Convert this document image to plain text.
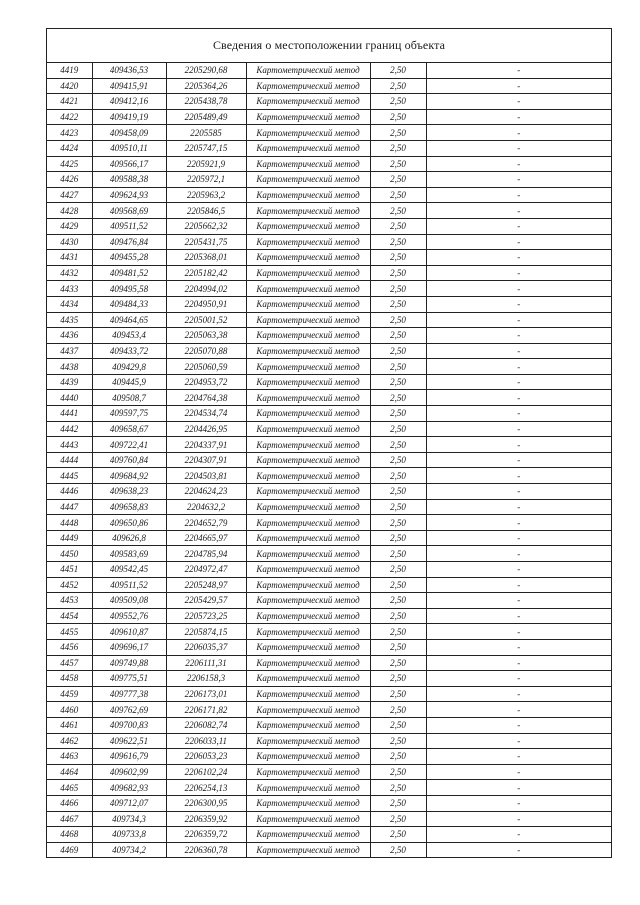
Сведения о местоположении границ объекта
4419	409436,53	2205290,68	Картометрический метод	2,50	-
4420	409415,91	2205364,26	Картометрический метод	2,50	-
4421	409412,16	2205438,78	Картометрический метод	2,50	-
4422	409419,19	2205489,49	Картометрический метод	2,50	-
4423	409458,09	2205585	Картометрический метод	2,50	-
4424	409510,11	2205747,15	Картометрический метод	2,50	-
4425	409566,17	2205921,9	Картометрический метод	2,50	-
4426	409588,38	2205972,1	Картометрический метод	2,50	-
4427	409624,93	2205963,2	Картометрический метод	2,50	-
4428	409568,69	2205846,5	Картометрический метод	2,50	-
4429	409511,52	2205662,32	Картометрический метод	2,50	-
4430	409476,84	2205431,75	Картометрический метод	2,50	-
4431	409455,28	2205368,01	Картометрический метод	2,50	-
4432	409481,52	2205182,42	Картометрический метод	2,50	-
4433	409495,58	2204994,02	Картометрический метод	2,50	-
4434	409484,33	2204950,91	Картометрический метод	2,50	-
4435	409464,65	2205001,52	Картометрический метод	2,50	-
4436	409453,4	2205063,38	Картометрический метод	2,50	-
4437	409433,72	2205070,88	Картометрический метод	2,50	-
4438	409429,8	2205060,59	Картометрический метод	2,50	-
4439	409445,9	2204953,72	Картометрический метод	2,50	-
4440	409508,7	2204764,38	Картометрический метод	2,50	-
4441	409597,75	2204534,74	Картометрический метод	2,50	-
4442	409658,67	2204426,95	Картометрический метод	2,50	-
4443	409722,41	2204337,91	Картометрический метод	2,50	-
4444	409760,84	2204307,91	Картометрический метод	2,50	-
4445	409684,92	2204503,81	Картометрический метод	2,50	-
4446	409638,23	2204624,23	Картометрический метод	2,50	-
4447	409658,83	2204632,2	Картометрический метод	2,50	-
4448	409650,86	2204652,79	Картометрический метод	2,50	-
4449	409626,8	2204665,97	Картометрический метод	2,50	-
4450	409583,69	2204785,94	Картометрический метод	2,50	-
4451	409542,45	2204972,47	Картометрический метод	2,50	-
4452	409511,52	2205248,97	Картометрический метод	2,50	-
4453	409509,08	2205429,57	Картометрический метод	2,50	-
4454	409552,76	2205723,25	Картометрический метод	2,50	-
4455	409610,87	2205874,15	Картометрический метод	2,50	-
4456	409696,17	2206035,37	Картометрический метод	2,50	-
4457	409749,88	2206111,31	Картометрический метод	2,50	-
4458	409775,51	2206158,3	Картометрический метод	2,50	-
4459	409777,38	2206173,01	Картометрический метод	2,50	-
4460	409762,69	2206171,82	Картометрический метод	2,50	-
4461	409700,83	2206082,74	Картометрический метод	2,50	-
4462	409622,51	2206033,11	Картометрический метод	2,50	-
4463	409616,79	2206053,23	Картометрический метод	2,50	-
4464	409602,99	2206102,24	Картометрический метод	2,50	-
4465	409682,93	2206254,13	Картометрический метод	2,50	-
4466	409712,07	2206300,95	Картометрический метод	2,50	-
4467	409734,3	2206359,92	Картометрический метод	2,50	-
4468	409733,8	2206359,72	Картометрический метод	2,50	-
4469	409734,2	2206360,78	Картометрический метод	2,50	-
